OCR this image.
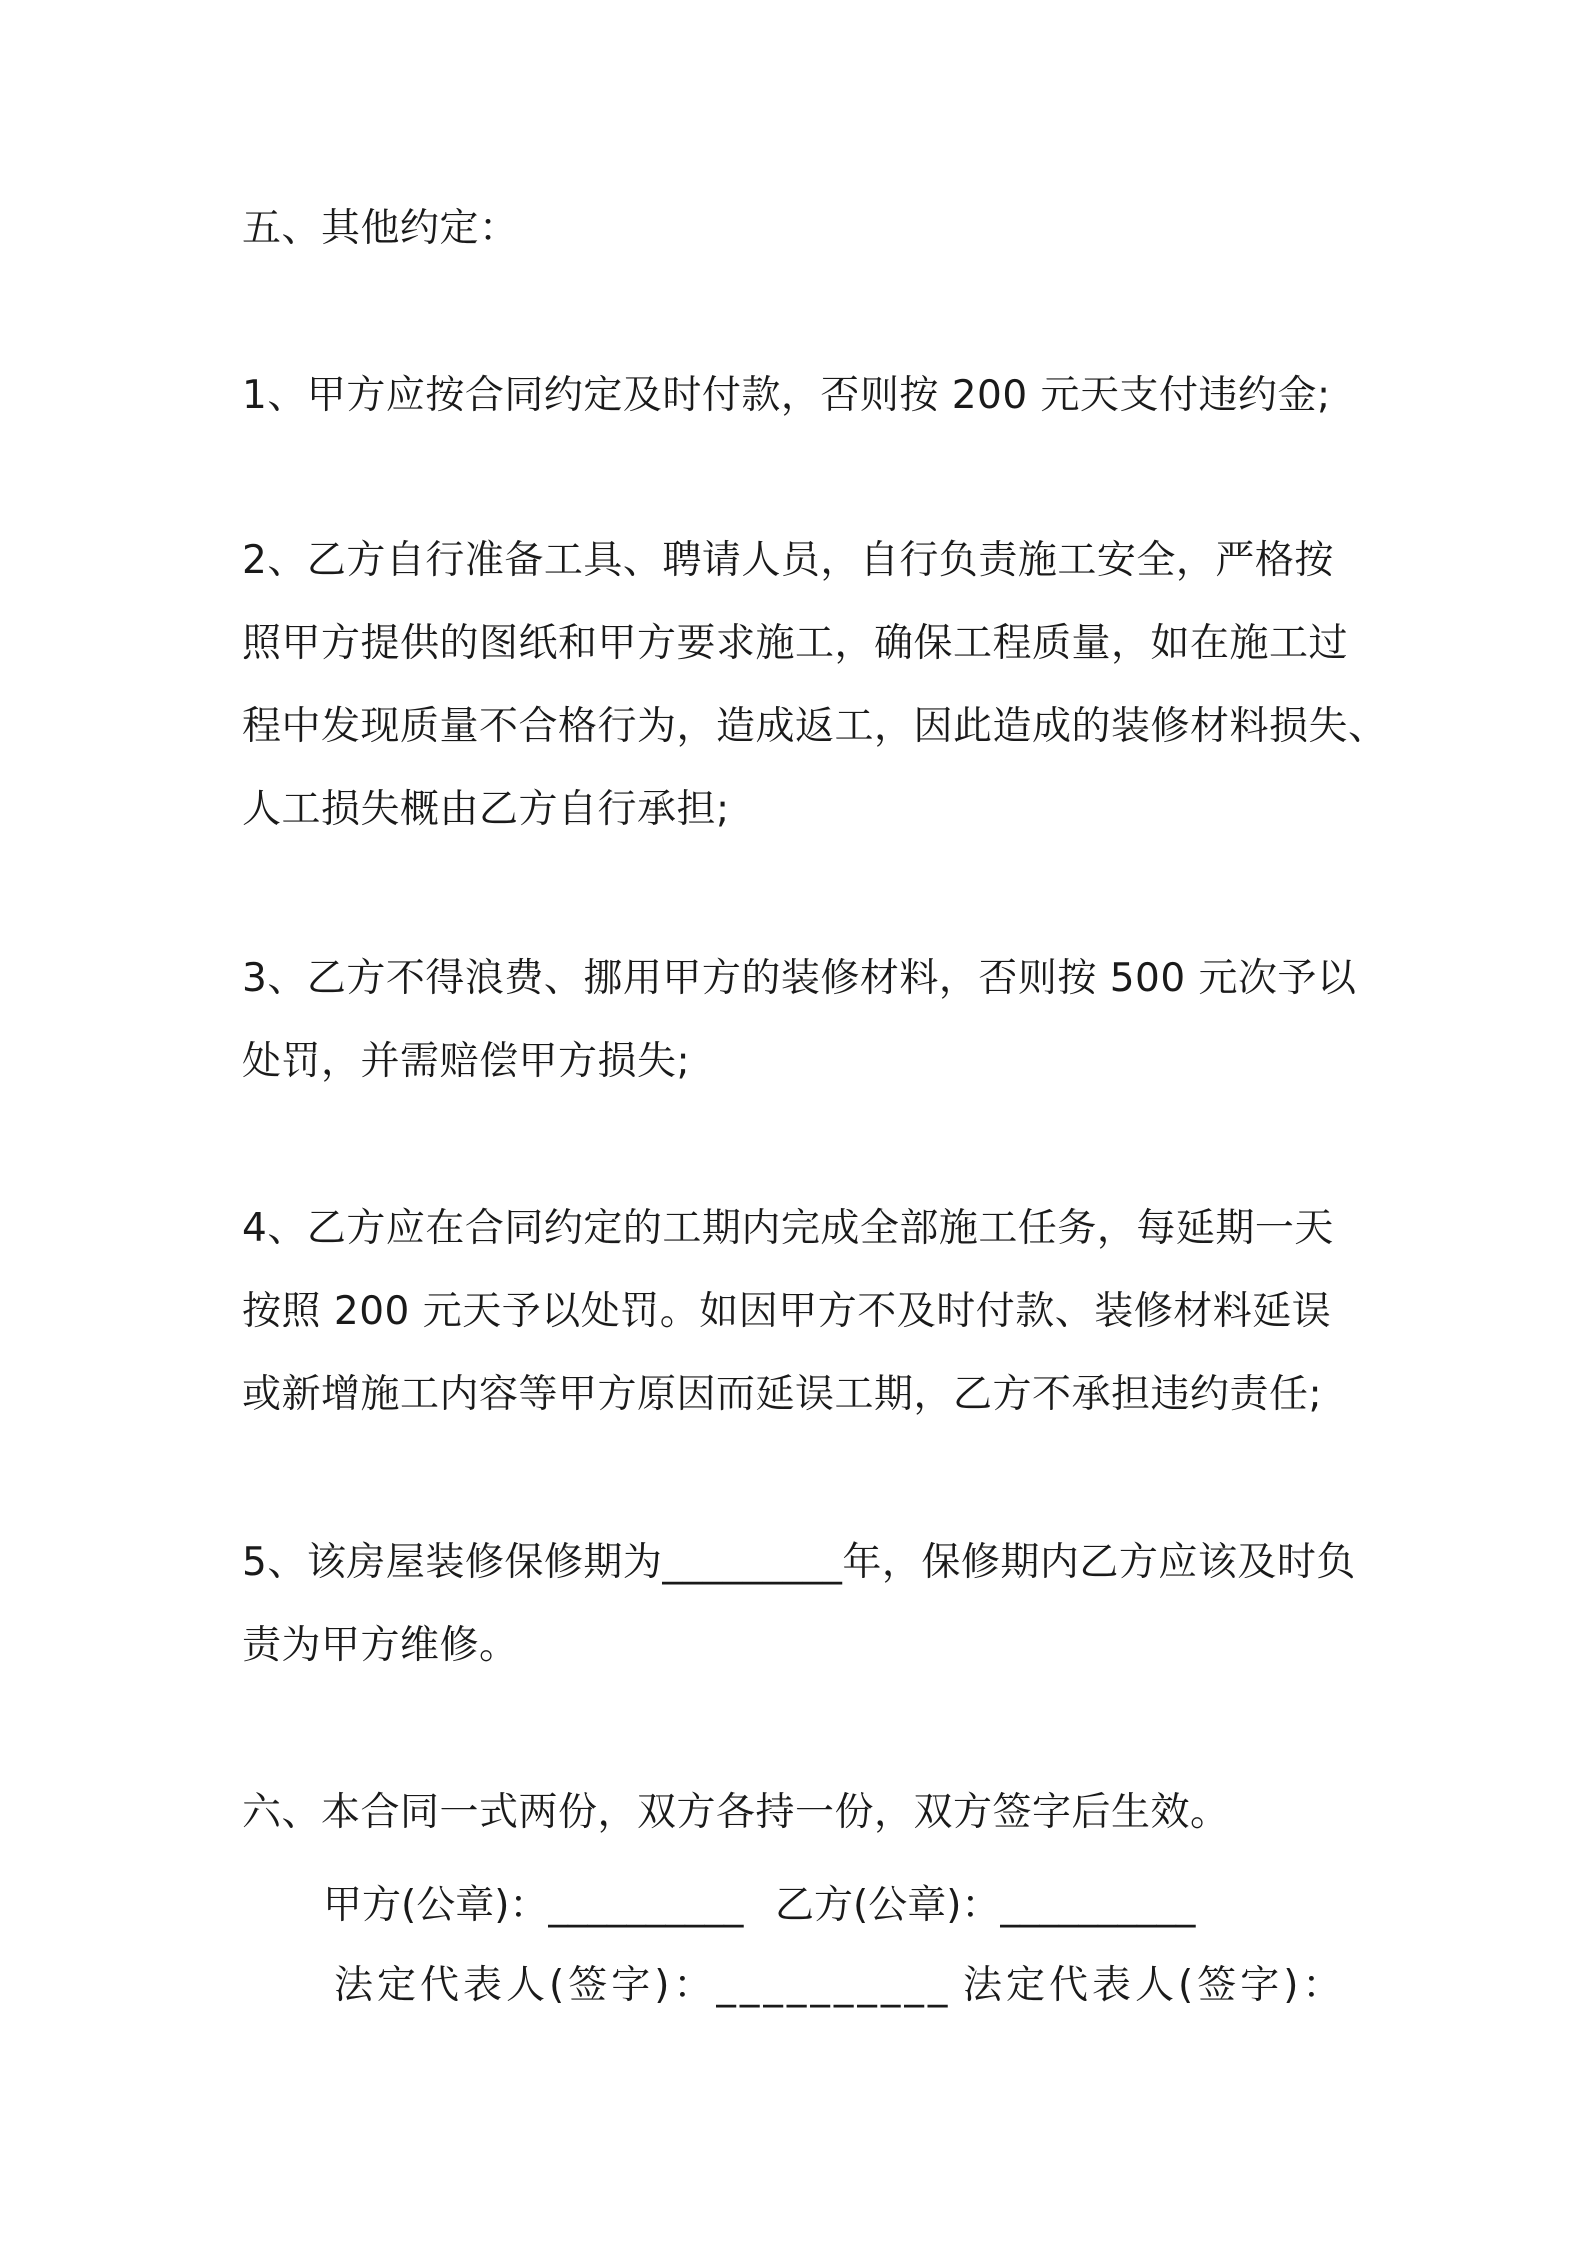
五、其他约定：
1、甲方应按合同约定及时付款，否则按 200 元天支付违约金;
2、乙方自行准备工具、聘请人员，自行负责施工安全，严格按
照甲方提供的图纸和甲方要求施工，确保工程质量，如在施工过
程中发现质量不合格行为，造成返工，因此造成的装修材料损失、
人工损失概由乙方自行承担;
3、乙方不得浪费、挪用甲方的装修材料，否则按 500 元次予以
处罚，并需赔偿甲方损失;
4、乙方应在合同约定的工期内完成全部施工任务，每延期一天
按照 200 元天予以处罚。如因甲方不及时付款、装修材料延误
或新增施工内容等甲方原因而延误工期，乙方不承担违约责任;
5、该房屋装修保修期为_________年，保修期内乙方应该及时负
责为甲方维修。
六、本合同一式两份，双方各持一份，双方签字后生效。
甲方(公章)：__________ 乙方(公章)：__________
法定代表人(签字)：__________ 法定代表人(签字)：
